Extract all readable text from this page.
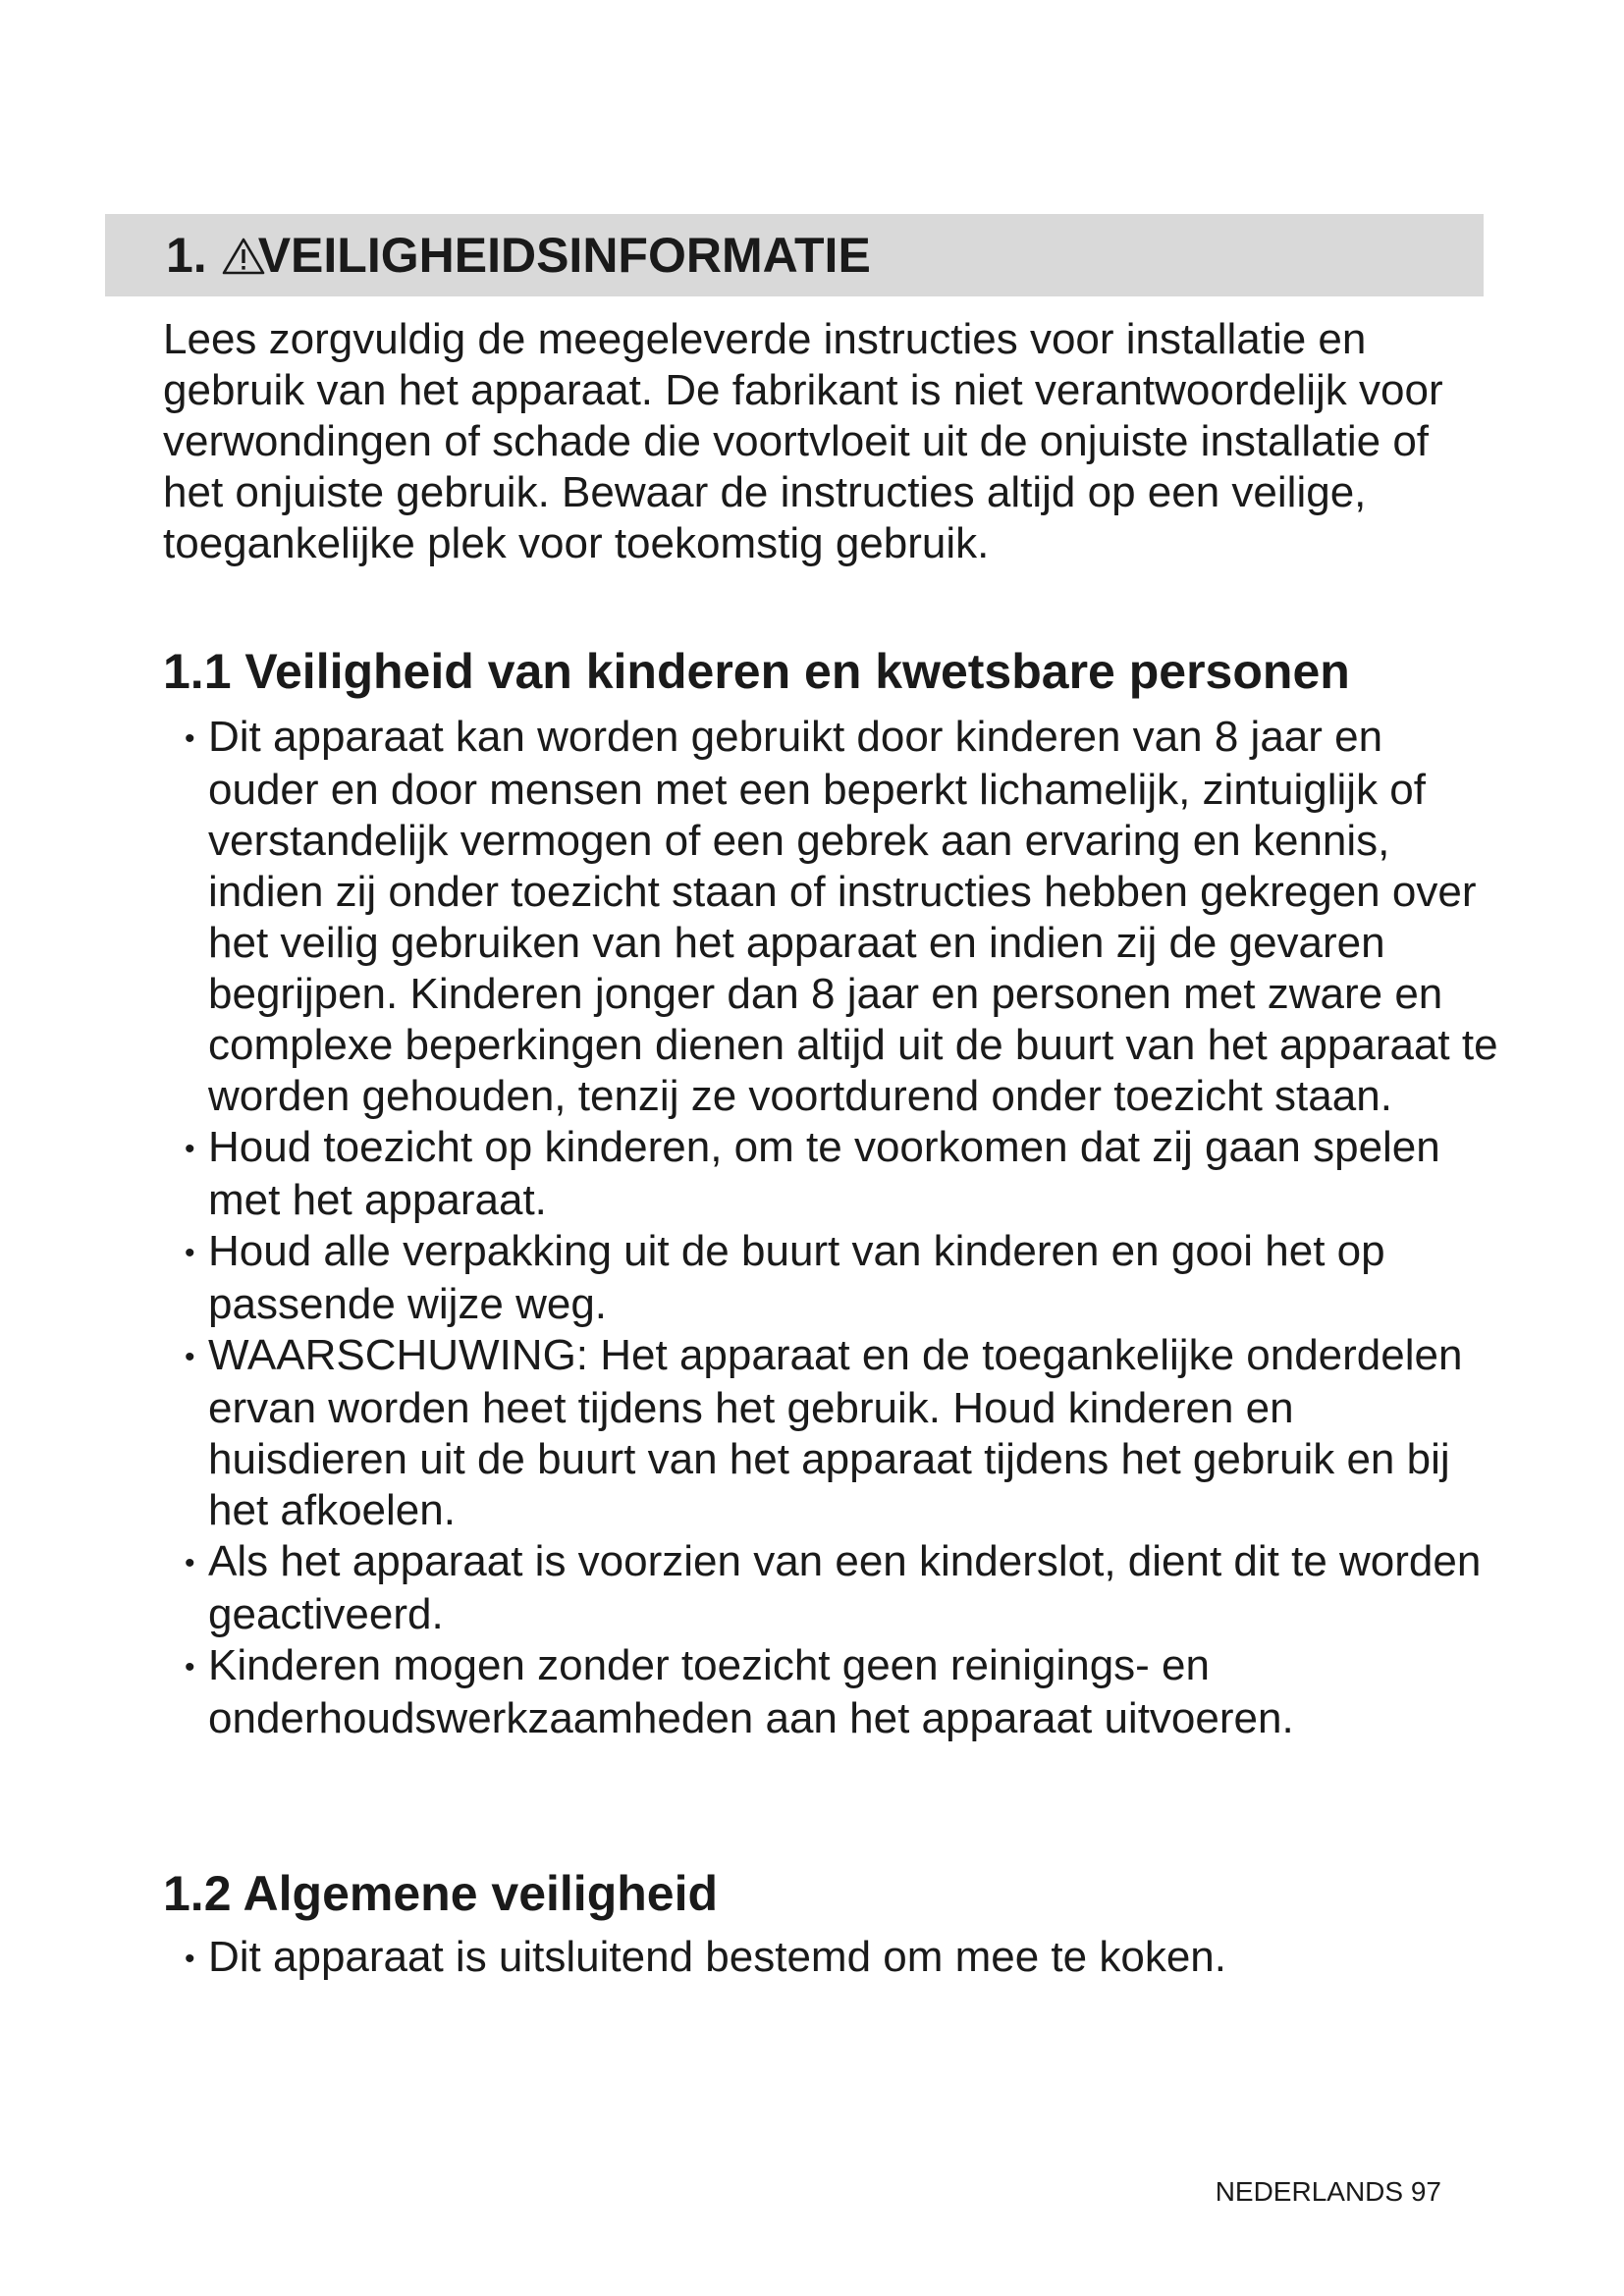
1. VEILIGHEIDSINFORMATIE

Lees zorgvuldig de meegeleverde instructies voor installatie en gebruik van het apparaat. De fabrikant is niet verantwoordelijk voor verwondingen of schade die voortvloeit uit de onjuiste installatie of het onjuiste gebruik. Bewaar de instructies altijd op een veilige, toegankelijke plek voor toekomstig gebruik.

1.1 Veiligheid van kinderen en kwetsbare personen
• Dit apparaat kan worden gebruikt door kinderen van 8 jaar en ouder en door mensen met een beperkt lichamelijk, zintuiglijk of verstandelijk vermogen of een gebrek aan ervaring en kennis, indien zij onder toezicht staan of instructies hebben gekregen over het veilig gebruiken van het apparaat en indien zij de gevaren begrijpen. Kinderen jonger dan 8 jaar en personen met zware en complexe beperkingen dienen altijd uit de buurt van het apparaat te worden gehouden, tenzij ze voortdurend onder toezicht staan.
• Houd toezicht op kinderen, om te voorkomen dat zij gaan spelen met het apparaat.
• Houd alle verpakking uit de buurt van kinderen en gooi het op passende wijze weg.
• WAARSCHUWING: Het apparaat en de toegankelijke onderdelen ervan worden heet tijdens het gebruik. Houd kinderen en huisdieren uit de buurt van het apparaat tijdens het gebruik en bij het afkoelen.
• Als het apparaat is voorzien van een kinderslot, dient dit te worden geactiveerd.
• Kinderen mogen zonder toezicht geen reinigings- en onderhoudswerkzaamheden aan het apparaat uitvoeren.
1.2 Algemene veiligheid
• Dit apparaat is uitsluitend bestemd om mee te koken.
NEDERLANDS 97
